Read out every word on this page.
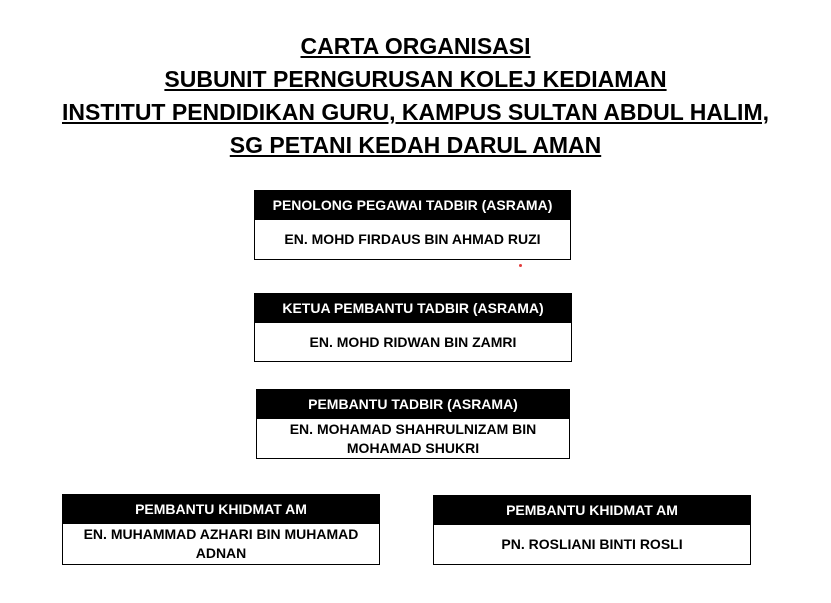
CARTA ORGANISASI
SUBUNIT PERNGURUSAN KOLEJ KEDIAMAN
INSTITUT PENDIDIKAN GURU, KAMPUS SULTAN ABDUL HALIM,
SG PETANI KEDAH DARUL AMAN
PENOLONG PEGAWAI TADBIR (ASRAMA)
EN. MOHD FIRDAUS BIN AHMAD RUZI
KETUA PEMBANTU TADBIR (ASRAMA)
EN. MOHD RIDWAN BIN ZAMRI
PEMBANTU TADBIR (ASRAMA)
EN. MOHAMAD SHAHRULNIZAM BIN MOHAMAD SHUKRI
PEMBANTU KHIDMAT AM
EN. MUHAMMAD AZHARI BIN MUHAMAD ADNAN
PEMBANTU KHIDMAT AM
PN. ROSLIANI BINTI ROSLI
